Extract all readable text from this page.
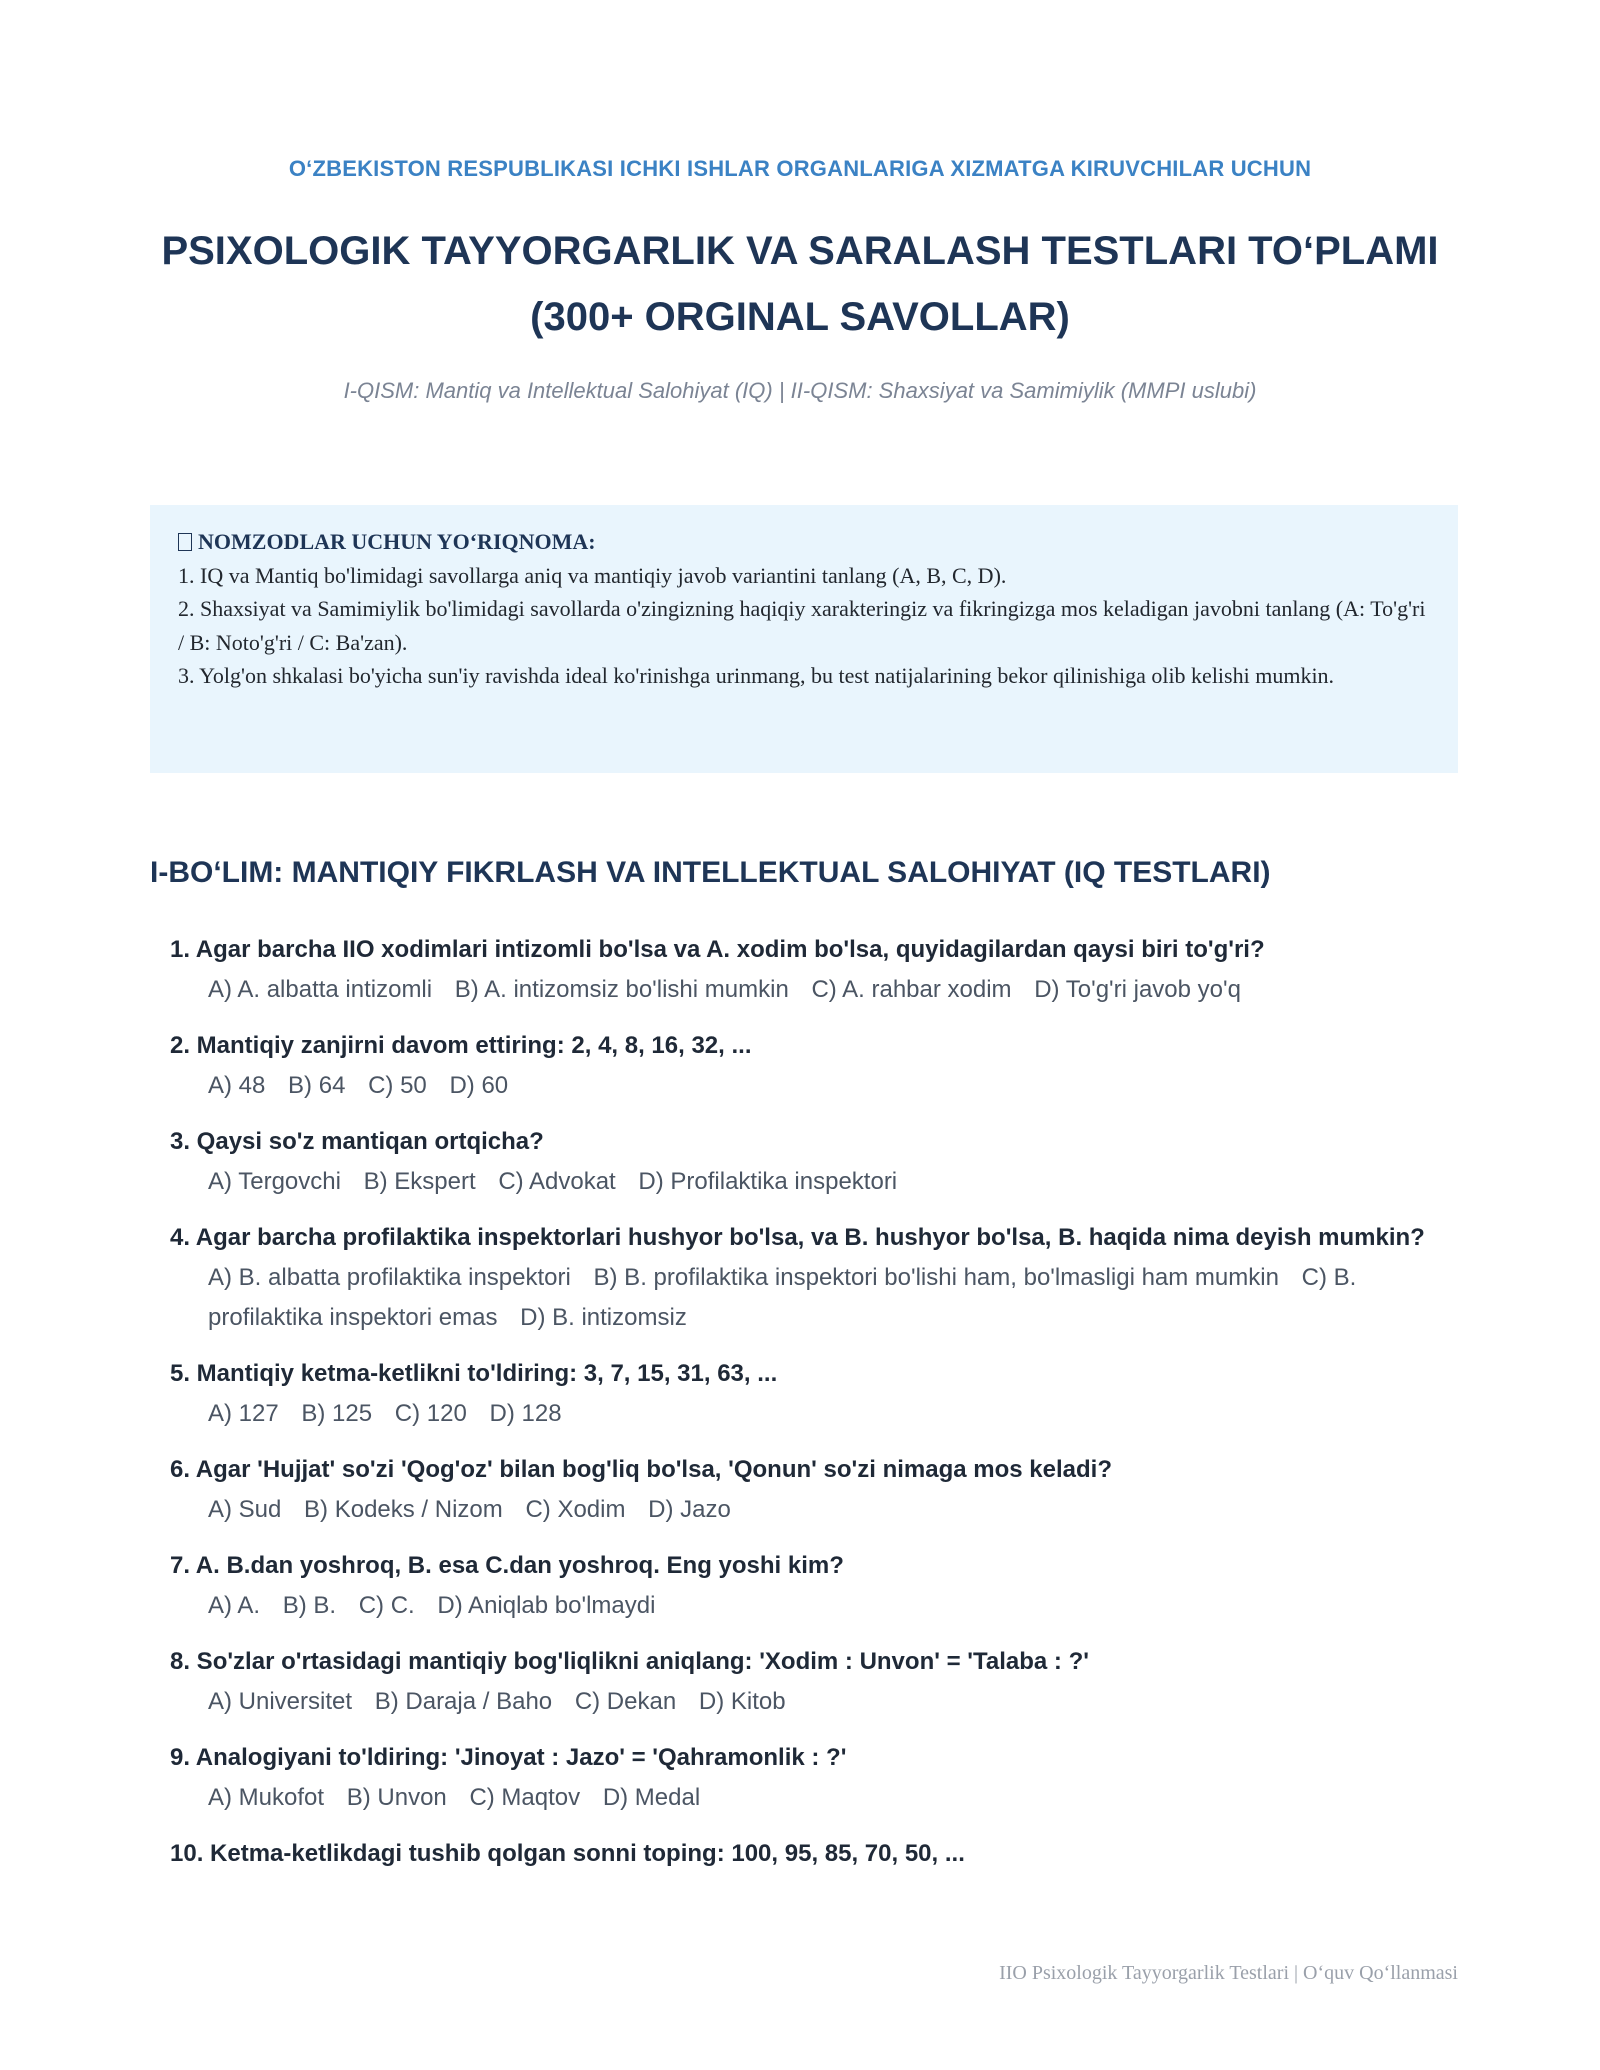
O‘ZBEKISTON RESPUBLIKASI ICHKI ISHLAR ORGANLARIGA XIZMATGA KIRUVCHILAR UCHUN
PSIXOLOGIK TAYYORGARLIK VA SARALASH TESTLARI TO‘PLAMI
(300+ ORGINAL SAVOLLAR)
I-QISM: Mantiq va Intellektual Salohiyat (IQ) | II-QISM: Shaxsiyat va Samimiylik (MMPI uslubi)

NOMZODLAR UCHUN YO‘RIQNOMA:

1. IQ va Mantiq bo'limidagi savollarga aniq va mantiqiy javob variantini tanlang (A, B, C, D).

2. Shaxsiyat va Samimiylik bo'limidagi savollarda o'zingizning haqiqiy xarakteringiz va fikringizga mos keladigan javobni tanlang (A: To'g'ri / B: Noto'g'ri / C: Ba'zan).

3. Yolg'on shkalasi bo'yicha sun'iy ravishda ideal ko'rinishga urinmang, bu test natijalarining bekor qilinishiga olib kelishi mumkin.

I-BO‘LIM: MANTIQIY FIKRLASH VA INTELLEKTUAL SALOHIYAT (IQ TESTLARI)
1. Agar barcha IIO xodimlari intizomli bo'lsa va A. xodim bo'lsa, quyidagilardan qaysi biri to'g'ri?
A) A. albatta intizomli B) A. intizomsiz bo'lishi mumkin C) A. rahbar xodim D) To'g'ri javob yo'q
2. Mantiqiy zanjirni davom ettiring: 2, 4, 8, 16, 32, ...
A) 48 B) 64 C) 50 D) 60
3. Qaysi so'z mantiqan ortqicha?
A) Tergovchi B) Ekspert C) Advokat D) Profilaktika inspektori
4. Agar barcha profilaktika inspektorlari hushyor bo'lsa, va B. hushyor bo'lsa, B. haqida nima deyish mumkin?
A) B. albatta profilaktika inspektori B) B. profilaktika inspektori bo'lishi ham, bo'lmasligi ham mumkin C) B. profilaktika inspektori emas D) B. intizomsiz
5. Mantiqiy ketma-ketlikni to'ldiring: 3, 7, 15, 31, 63, ...
A) 127 B) 125 C) 120 D) 128
6. Agar 'Hujjat' so'zi 'Qog'oz' bilan bog'liq bo'lsa, 'Qonun' so'zi nimaga mos keladi?
A) Sud B) Kodeks / Nizom C) Xodim D) Jazo
7. A. B.dan yoshroq, B. esa C.dan yoshroq. Eng yoshi kim?
A) A. B) B. C) C. D) Aniqlab bo'lmaydi
8. So'zlar o'rtasidagi mantiqiy bog'liqlikni aniqlang: 'Xodim : Unvon' = 'Talaba : ?'
A) Universitet B) Daraja / Baho C) Dekan D) Kitob
9. Analogiyani to'ldiring: 'Jinoyat : Jazo' = 'Qahramonlik : ?'
A) Mukofot B) Unvon C) Maqtov D) Medal
10. Ketma-ketlikdagi tushib qolgan sonni toping: 100, 95, 85, 70, 50, ...
IIO Psixologik Tayyorgarlik Testlari | O‘quv Qo‘llanmasi
